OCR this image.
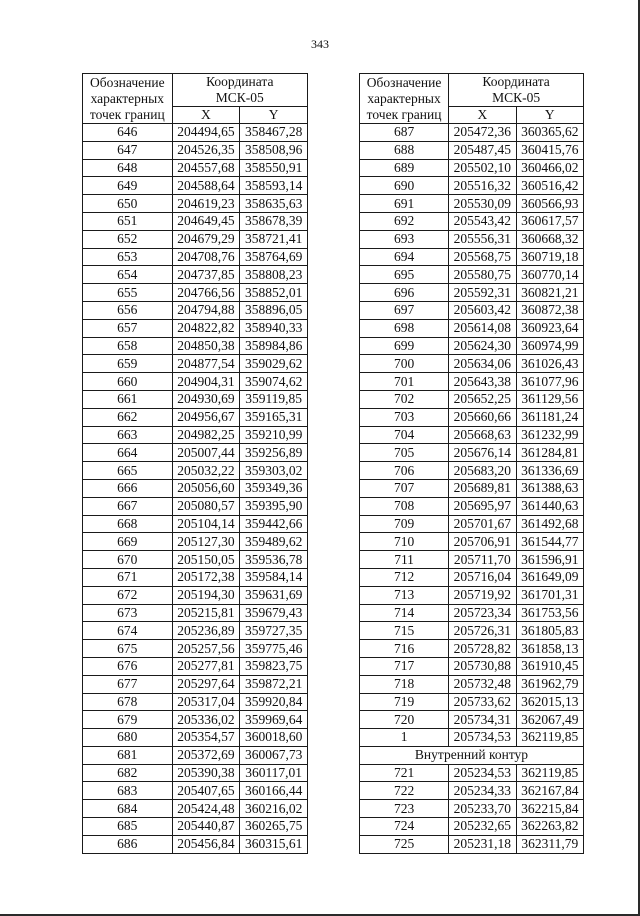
343
Обозначение
характерных
точек границ	Координата
МСК-05	
	X	Y
646	204494,65	358467,28
647	204526,35	358508,96
648	204557,68	358550,91
649	204588,64	358593,14
650	204619,23	358635,63
651	204649,45	358678,39
652	204679,29	358721,41
653	204708,76	358764,69
654	204737,85	358808,23
655	204766,56	358852,01
656	204794,88	358896,05
657	204822,82	358940,33
658	204850,38	358984,86
659	204877,54	359029,62
660	204904,31	359074,62
661	204930,69	359119,85
662	204956,67	359165,31
663	204982,25	359210,99
664	205007,44	359256,89
665	205032,22	359303,02
666	205056,60	359349,36
667	205080,57	359395,90
668	205104,14	359442,66
669	205127,30	359489,62
670	205150,05	359536,78
671	205172,38	359584,14
672	205194,30	359631,69
673	205215,81	359679,43
674	205236,89	359727,35
675	205257,56	359775,46
676	205277,81	359823,75
677	205297,64	359872,21
678	205317,04	359920,84
679	205336,02	359969,64
680	205354,57	360018,60
681	205372,69	360067,73
682	205390,38	360117,01
683	205407,65	360166,44
684	205424,48	360216,02
685	205440,87	360265,75
686	205456,84	360315,61
Обозначение
характерных
точек границ	Координата
МСК-05	
	X	Y
687	205472,36	360365,62
688	205487,45	360415,76
689	205502,10	360466,02
690	205516,32	360516,42
691	205530,09	360566,93
692	205543,42	360617,57
693	205556,31	360668,32
694	205568,75	360719,18
695	205580,75	360770,14
696	205592,31	360821,21
697	205603,42	360872,38
698	205614,08	360923,64
699	205624,30	360974,99
700	205634,06	361026,43
701	205643,38	361077,96
702	205652,25	361129,56
703	205660,66	361181,24
704	205668,63	361232,99
705	205676,14	361284,81
706	205683,20	361336,69
707	205689,81	361388,63
708	205695,97	361440,63
709	205701,67	361492,68
710	205706,91	361544,77
711	205711,70	361596,91
712	205716,04	361649,09
713	205719,92	361701,31
714	205723,34	361753,56
715	205726,31	361805,83
716	205728,82	361858,13
717	205730,88	361910,45
718	205732,48	361962,79
719	205733,62	362015,13
720	205734,31	362067,49
1	205734,53	362119,85
Внутренний контур		
721	205234,53	362119,85
722	205234,33	362167,84
723	205233,70	362215,84
724	205232,65	362263,82
725	205231,18	362311,79
